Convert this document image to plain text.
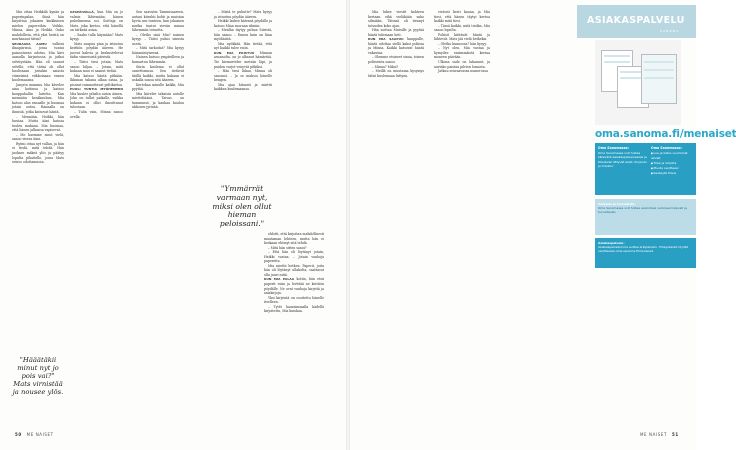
Mia ottaa Heikkilä kynän ja paperinpalan. Siinä hän kirjoittaa jokaisen kiukkuisen mielen papereihin. Veikko, Minna, Aino ja Heikki. Onko mahdollista, että yksi heistä on murhannut tätini?

SEURAAVA AAMU valkeni ilmapiirissä, jossa tuntui painostavan odotus. Mia kävi aamulla kirjastossa ja jatkoi selvitystään. Hän oli saanut selville, että tätini oli ollut huolissaan jostakin asiasta viimeisinä viikkoinaan ennen kuolemaansa.

Janyrin mummu Mia kävelee aina kotiinsa ja katsoo kauppahallin laitetta. Kun mennään kesäkuuhun, Mia katsoo alas rannalle ja huomaa jotain outoa. Rannalla on ihmisiä, jotka katsovat häntä.

– Mennään, Heikki, hän huutaa. Mutta ääni katoaa tuulen mukana. Mia huomaa, että hänen jalkansa vapisevat.

– Me haemme sinut vielä, sanoo vieras ääni.

Rytmi ottaa nyt vallan, ja hän ei tiedä, mitä tehdä. Hän juoksee mäkeä ylös ja päätyy lopulta pihatielle, jossa Mats seisoo odottamassa.

ILTAPÄIVÄLLÄ, kun Mia on jo valmis lähtemään, hänen puhelimensa soi. Soittaja on Mats, joka kertoo, että hänellä on tärkeää asiaa.

– Saako tulla käymään? Mats kysyy.

Mats saapuu pian ja istuutuu keittiön pöydän ääreen. He juovat kahvia ja keskustelevat tädin viimeisistä päivistä.

– Tätisi tiesi jotain, Mats sanoo hiljaa. – Jotain, mitä kukaan muu ei saanut tietää.

Mia katsoo häntä pitkään. Ikkunan takana alkaa sataa, ja pisarat rummuttavat peltikattoa.

PUOLI TUNTIA MYÖHEMMIN Mia kuulee pihalta auton äänen. Joku on tullut paikalle, vaikka kukaan ei ollut ilmoittanut tulostaan.

– Tulin vain, Minna sanoo ovella.

Sen saavutin Tammisaareen, autoni kiiruhti kohti ja muistan hyvin sen tunteen, kun jokainen mutka tuntui vievän minua lähemmäs totuutta.

– Oletko sinä Mia? nainen kysyy. – Tätisi puhui sinusta usein.

– Mitä tarkoitat? Mia kysyy hämmästyneenä.

Nainen katsoo ympärilleen ja kumartuu lähemmäs.

Siirin kuolema ei ollut onnettomuus. Sen tietävät täällä kaikki, mutta kukaan ei uskalla sanoa sitä ääneen.

Kertokaa minulle kaikki, Mia pyytää.

Mia kävelee takaisin autolle mietteliäänä. Taivas on tummunut, ja kaukaa kuuluu ukkosen jyrinää.

– Mistä te puhutte? Mats kysyy ja istuutuu pöydän ääreen.

Heikki laskee kätensä pöydälle ja katsoo Miaa suoraan silmiin.

– Meidän täytyy puhua Siiristä, hän sanoo. – Ennen kuin on liian myöhäistä.

Mia nyökkää. Hän tietää, että nyt kaikki tulee esiin.

KUN MIA POISTUU Minnan asunnolta, on jo alkanut hämärtää. Tie kiemurtelee metsän läpi, ja puiden varjot venyvät pitkiksi.

– Hän tiesi liikaa, Minna oli sanonut. – Ja se maksoi hänelle hengen.

Mia ajaa hitaasti ja miettii kaikkea kuulemaansa.

eldotti, että kirjoitan mahdollisesti muutaman lehteen, mutta hän ei koskaan ehtinyt sitä tehdä.

– Mitä hän sitten sanoi?

– Että hän oli löytänyt jotain, Heikki vastaa. – Jotain vanhoja papereita.

Mia miettii hetken. Paperit, joita hän oli löytänyt ullakolta, saattavat olla juuri niitä.

KUN MIA PALAA kotiin, hän etsii paperit esiin ja levittää ne keittiön pöydälle. Ne ovat vanhoja kirjeitä ja asiakirjoja.

Yksi kirjeistä on osoitettu hänelle itselleen.

– Tyttö hauraimmalla kädellä kirjoitettu, Mia kuiskaa.

Mia lukee viestit kahteen kertaan eikä vieläkään usko silmiään. Tätinsä oli tiennyt totuuden koko ajan.

Hän soittaa Matsille ja pyytää häntä tulemaan heti.

KUN MIA SAAPUU kauppalle, häntä odottaa siellä kaksi poliisia ja Minna. Kaikki katsovat häntä vakavina.

– Olemme etsineet sinua, toinen poliiseista sanoo.

– Minua? Miksi?

– Meillä on muutama kysymys tätisi kuolemaan liittyen.

vietosti kesti kauan, ja Mia tiesi, että hänen täytyi kertoa kaikki mitä tiesi.

– Tässä kaikki, mitä tiedän, Mia sanoo lopulta.

Poliisit kiittävät häntä ja lähtevät. Mats jää vielä hetkeksi.

– Oletko kunnossa? hän kysyy.

– Nyt olen, Mia vastaa ja hymyilee ensimmäistä kertaa moneen päivään.

Ulkona sade on lakannut, ja aurinko paistaa pilvien lomasta.

Jatkuu seuraavassa numerossa

"Hääätäkii minut nyt jo pois vai?" Mats virnistää ja nousee ylös.
"Ymmärrät varmaan nyt, miksi olen ollut hieman peloissani."
ASIAKASPALVELU
SANOMA
oma.sanoma.fi/menaiset
Oma Sanomassa:
Oma Sanomassa voit hoitaa kätevästi asiakaspalveluasiasi ja tilauksiisi liittyvät asiat. Kirjaudu ja tutustu!
Oma Sanomassa:
■ Lue ja katso uusimmat lehdet
■ Tilaa ja lahjoita
■ Muuta osoitteesi
■ Keskeytä tilaus
Helppoa ja turvallista:
Oma Sanomassa voit hoitaa asiointiasi verkossa helposti ja turvallisesti.
Asiakaspalvelu:
Asiakaspalvelumme auttaa arkipäivisin. Yhteystiedot löydät osoitteesta oma.sanoma.fi/menaiset.
50 ME NAISET	ME NAISET 51
